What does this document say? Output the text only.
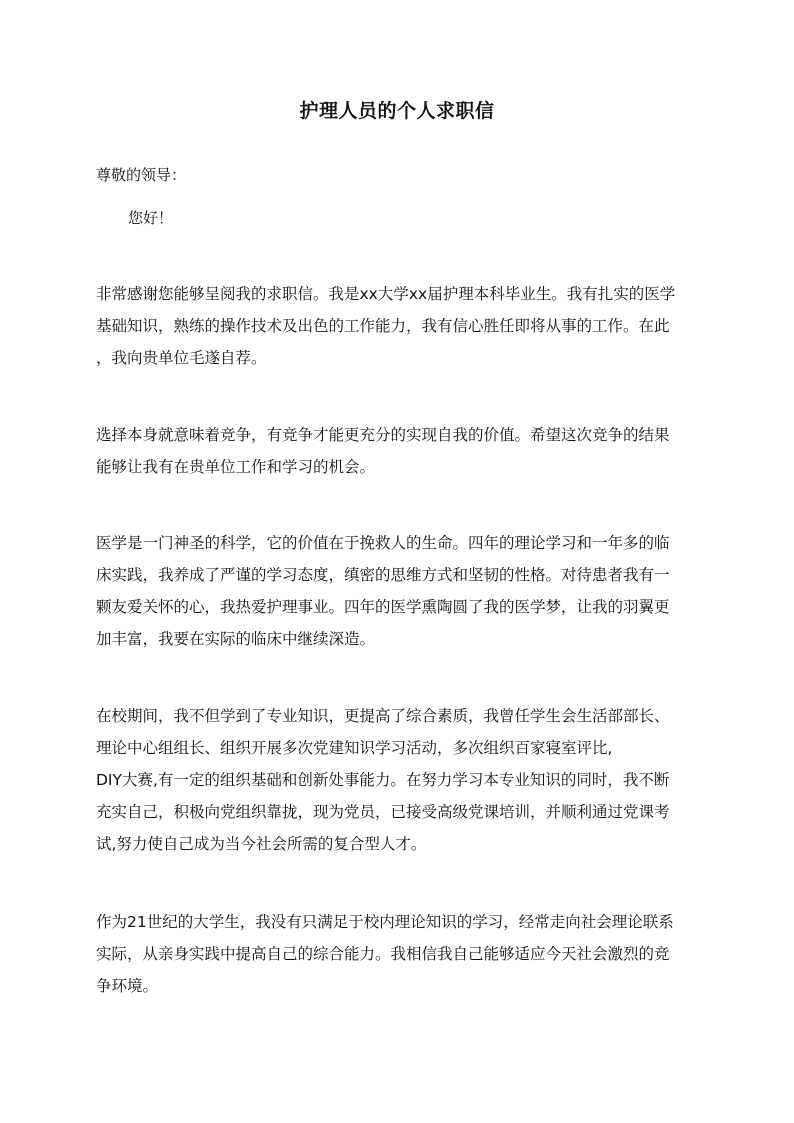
护理人员的个人求职信
尊敬的领导：
您好！

非常感谢您能够呈阅我的求职信。我是xx大学xx届护理本科毕业生。我有扎实的医学
基础知识，熟练的操作技术及出色的工作能力，我有信心胜任即将从事的工作。在此
，我向贵单位毛遂自荐。

选择本身就意味着竞争，有竞争才能更充分的实现自我的价值。希望这次竞争的结果
能够让我有在贵单位工作和学习的机会。

医学是一门神圣的科学，它的价值在于挽救人的生命。四年的理论学习和一年多的临
床实践，我养成了严谨的学习态度，缜密的思维方式和坚韧的性格。对待患者我有一
颗友爱关怀的心，我热爱护理事业。四年的医学熏陶圆了我的医学梦，让我的羽翼更
加丰富，我要在实际的临床中继续深造。

在校期间，我不但学到了专业知识，更提高了综合素质，我曾任学生会生活部部长、
理论中心组组长、组织开展多次党建知识学习活动，多次组织百家寝室评比,
DIY大赛,有一定的组织基础和创新处事能力。在努力学习本专业知识的同时，我不断
充实自己，积极向党组织靠拢，现为党员，已接受高级党课培训，并顺利通过党课考
试,努力使自己成为当今社会所需的复合型人才。

作为21世纪的大学生，我没有只满足于校内理论知识的学习，经常走向社会理论联系
实际，从亲身实践中提高自己的综合能力。我相信我自己能够适应今天社会激烈的竞
争环境。
